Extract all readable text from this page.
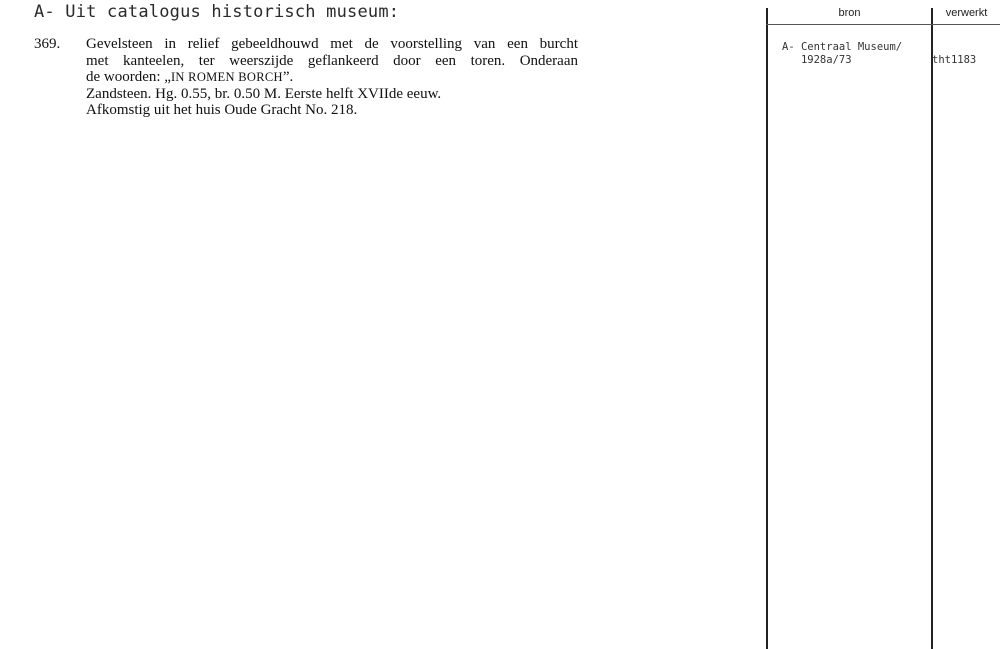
A- Uit catalogus historisch museum:
369. Gevelsteen in relief gebeeldhouwd met de voorstelling van een burcht
met kanteelen, ter weerszijde geflankeerd door een toren. Onderaan
de woorden: „IN ROMEN BORCH”.
Zandsteen. Hg. 0.55, br. 0.50 M. Eerste helft XVIIde eeuw.
Afkomstig uit het huis Oude Gracht No. 218.
bron	verwerkt
A- Centraal Museum/
1928a/73	tht1183
